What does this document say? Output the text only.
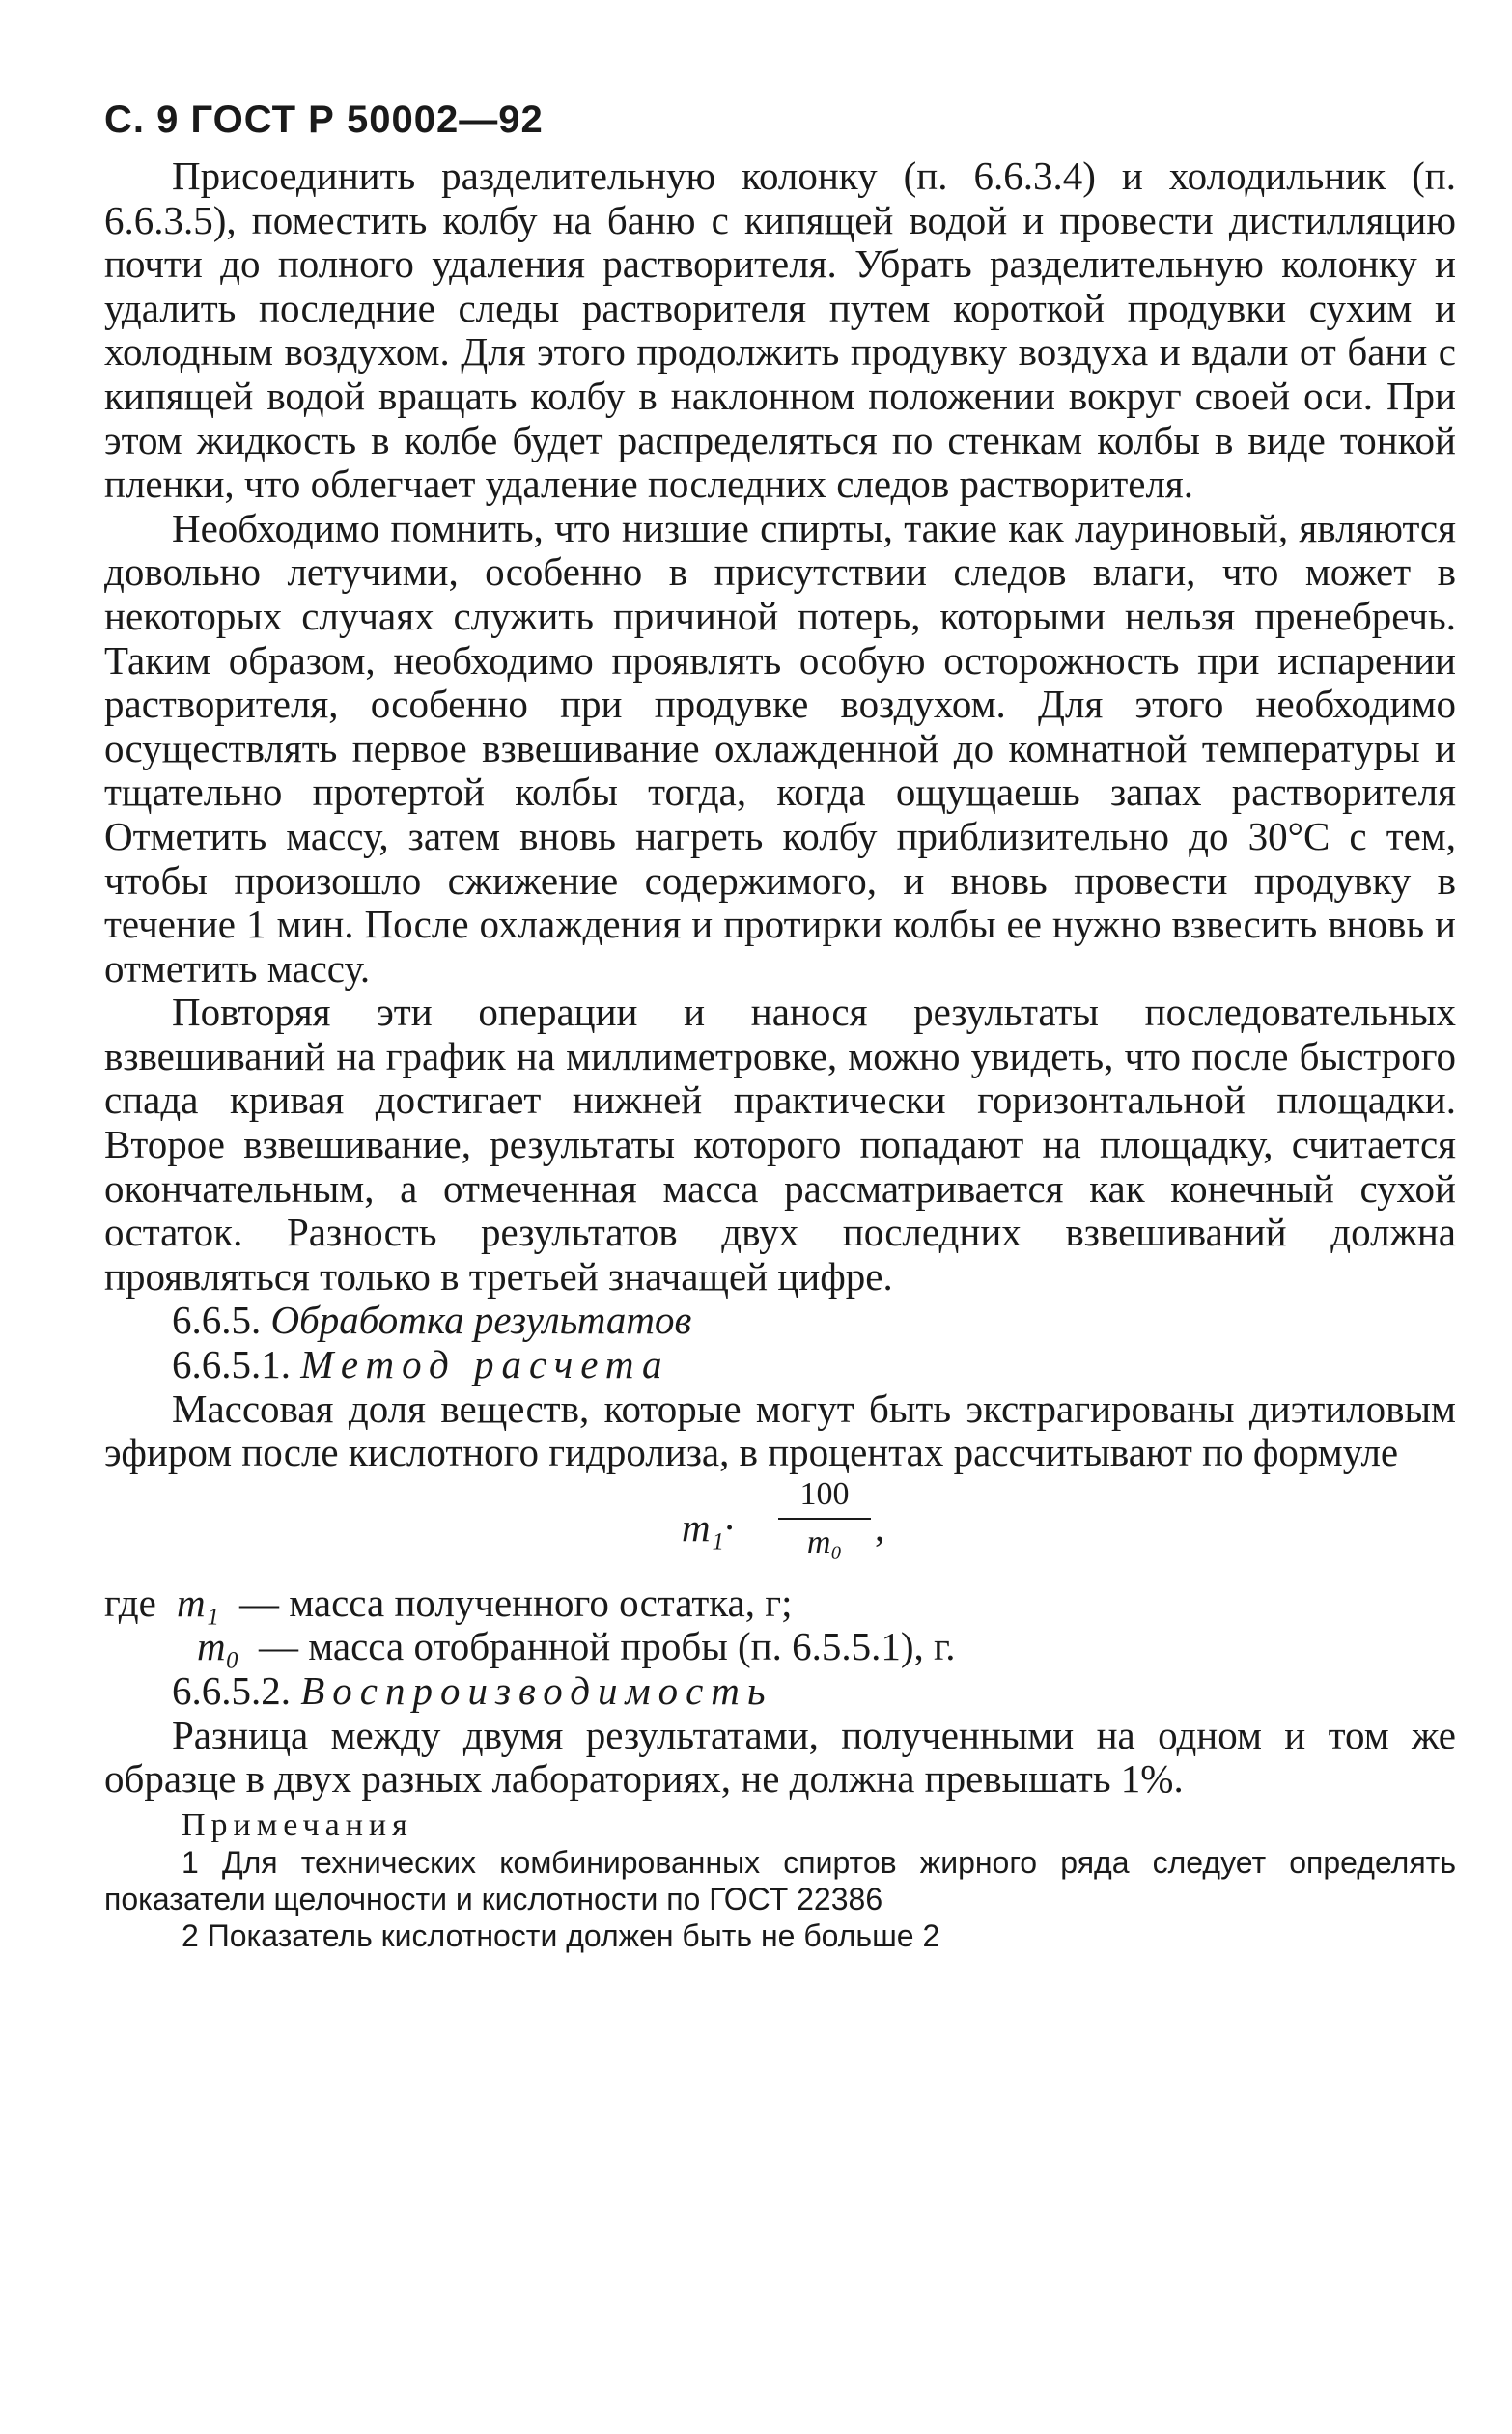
С. 9 ГОСТ Р 50002—92

Присоединить разделительную колонку (п. 6.6.3.4) и холодильник (п. 6.6.3.5), поместить колбу на баню с кипящей водой и провести дистилляцию почти до полного удаления растворителя. Убрать разделительную колонку и удалить последние следы растворителя путем короткой продувки сухим и холодным воздухом. Для этого продолжить продувку воздуха и вдали от бани с кипящей водой вращать колбу в наклонном положении вокруг своей оси. При этом жидкость в колбе будет распределяться по стенкам колбы в виде тонкой пленки, что облегчает удаление последних следов растворителя.

Необходимо помнить, что низшие спирты, такие как лауриновый, являются довольно летучими, особенно в присутствии следов влаги, что может в некоторых случаях служить причиной потерь, которыми нельзя пренебречь. Таким образом, необходимо проявлять особую осторожность при испарении растворителя, особенно при продувке воздухом. Для этого необходимо осуществлять первое взвешивание охлажденной до комнатной температуры и тщательно протертой колбы тогда, когда ощущаешь запах растворителя Отметить массу, затем вновь нагреть колбу приблизительно до 30°С с тем, чтобы произошло сжижение содержимого, и вновь провести продувку в течение 1 мин. После охлаждения и протирки колбы ее нужно взвесить вновь и отметить массу.

Повторяя эти операции и нанося результаты последовательных взвешиваний на график на миллиметровке, можно увидеть, что после быстрого спада кривая достигает нижней практически горизонтальной площадки. Второе взвешивание, результаты которого попадают на площадку, считается окончательным, а отмеченная масса рассматривается как конечный сухой остаток. Разность результатов двух последних взвешиваний должна проявляться только в третьей значащей цифре.

6.6.5. Обработка результатов

6.6.5.1. Метод расчета

Массовая доля веществ, которые могут быть экстрагированы диэтиловым эфиром после кислотного гидролиза, в процентах рассчитывают по формуле

m₁·
100
m₀ ,
где m₁ — масса полученного остатка, г;
m₀ — масса отобранной пробы (п. 6.5.5.1), г.

6.6.5.2. Воспроизводимость

Разница между двумя результатами, полученными на одном и том же образце в двух разных лабораториях, не должна превышать 1%.

Примечания

1 Для технических комбинированных спиртов жирного ряда следует определять показатели щелочности и кислотности по ГОСТ 22386

2 Показатель кислотности должен быть не больше 2
